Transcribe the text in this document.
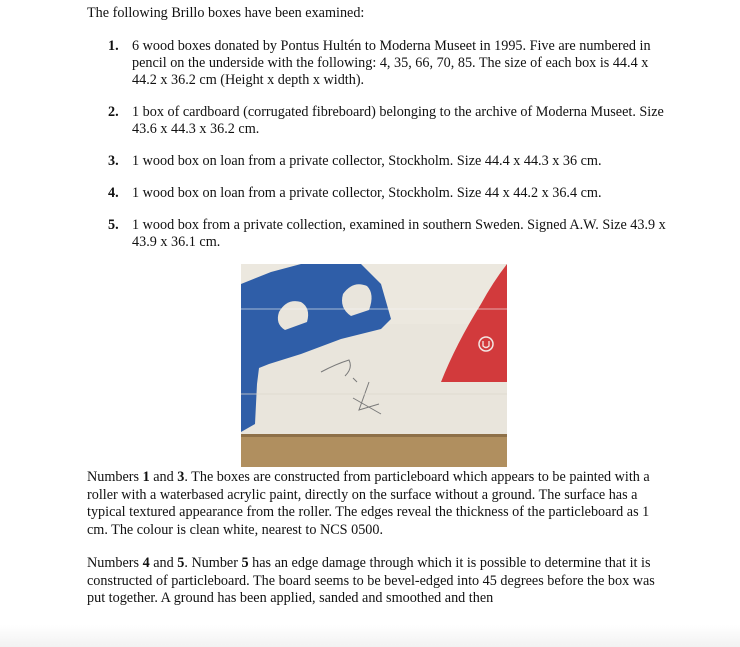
The following Brillo boxes have been examined:
1. 6 wood boxes donated by Pontus Hultén to Moderna Museet in 1995. Five are numbered in pencil on the underside with the following: 4, 35, 66, 70, 85. The size of each box is 44.4 x 44.2 x 36.2 cm (Height x depth x width).
2. 1 box of cardboard (corrugated fibreboard) belonging to the archive of Moderna Museet. Size 43.6 x 44.3 x 36.2 cm.
3. 1 wood box on loan from a private collector, Stockholm. Size 44.4 x 44.3 x 36 cm.
4. 1 wood box on loan from a private collector, Stockholm. Size 44 x 44.2 x 36.4 cm.
5. 1 wood box from a private collection, examined in southern Sweden. Signed A.W. Size 43.9 x 43.9 x 36.1 cm.
Numbers 1 and 3. The boxes are constructed from particleboard which appears to be painted with a roller with a waterbased acrylic paint, directly on the surface without a ground. The surface has a typical textured appearance from the roller. The edges reveal the thickness of the particleboard as 1 cm. The colour is clean white, nearest to NCS 0500.
Numbers 4 and 5. Number 5 has an edge damage through which it is possible to determine that it is constructed of particleboard. The board seems to be bevel-edged into 45 degrees before the box was put together. A ground has been applied, sanded and smoothed and then
